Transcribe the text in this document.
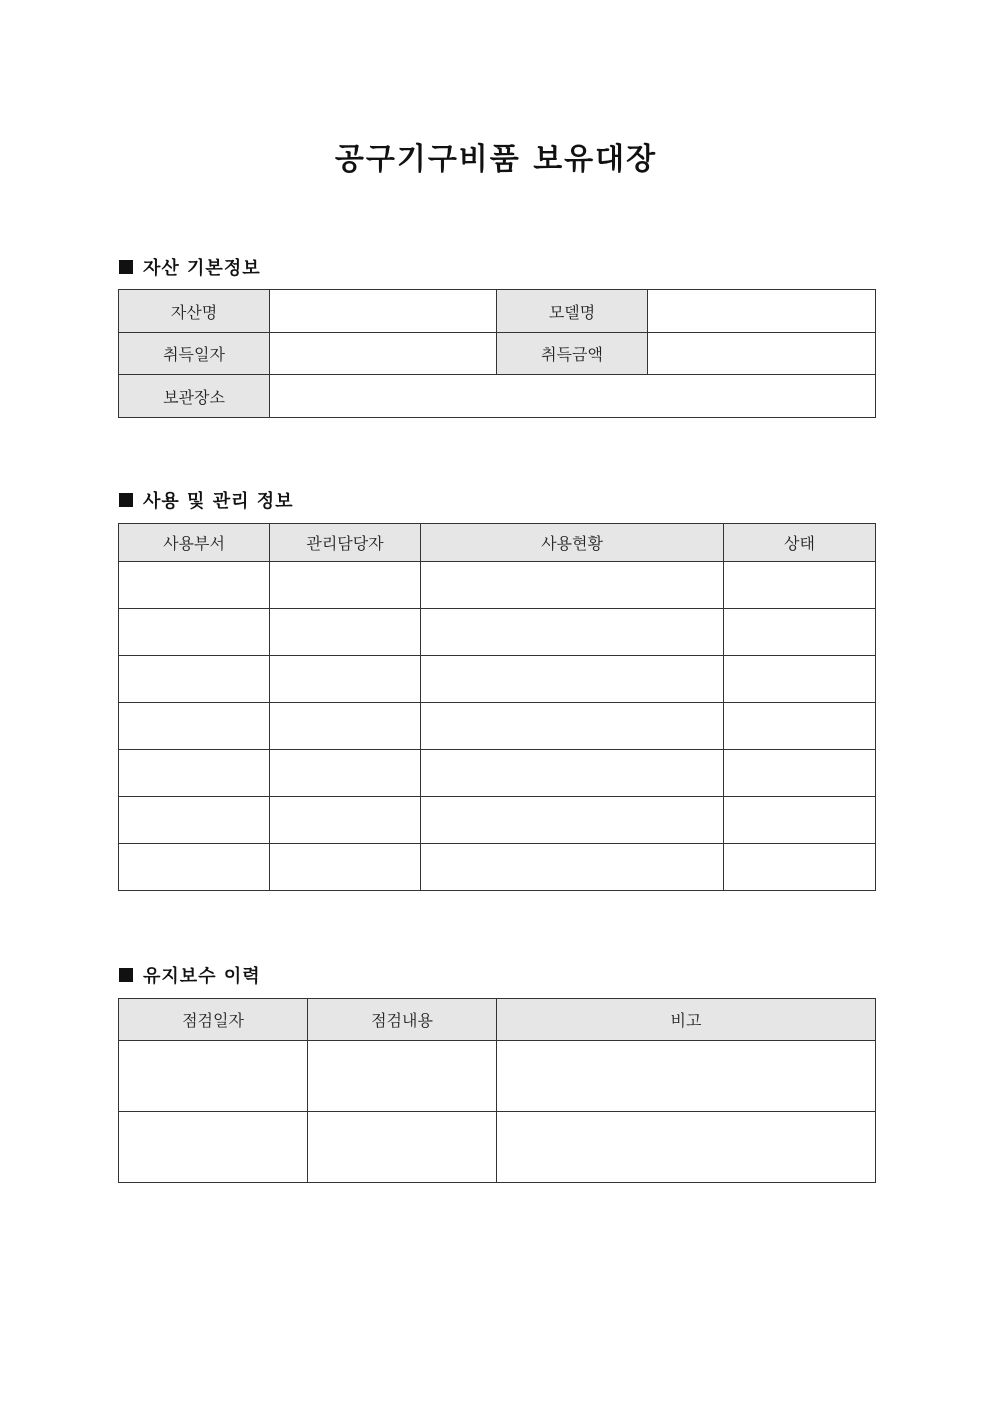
공구기구비품 보유대장
자산 기본정보
자산명		모델명	
취득일자		취득금액	
보관장소			
사용 및 관리 정보
사용부서	관리담당자	사용현황	상태

유지보수 이력
점검일자	점검내용	비고
